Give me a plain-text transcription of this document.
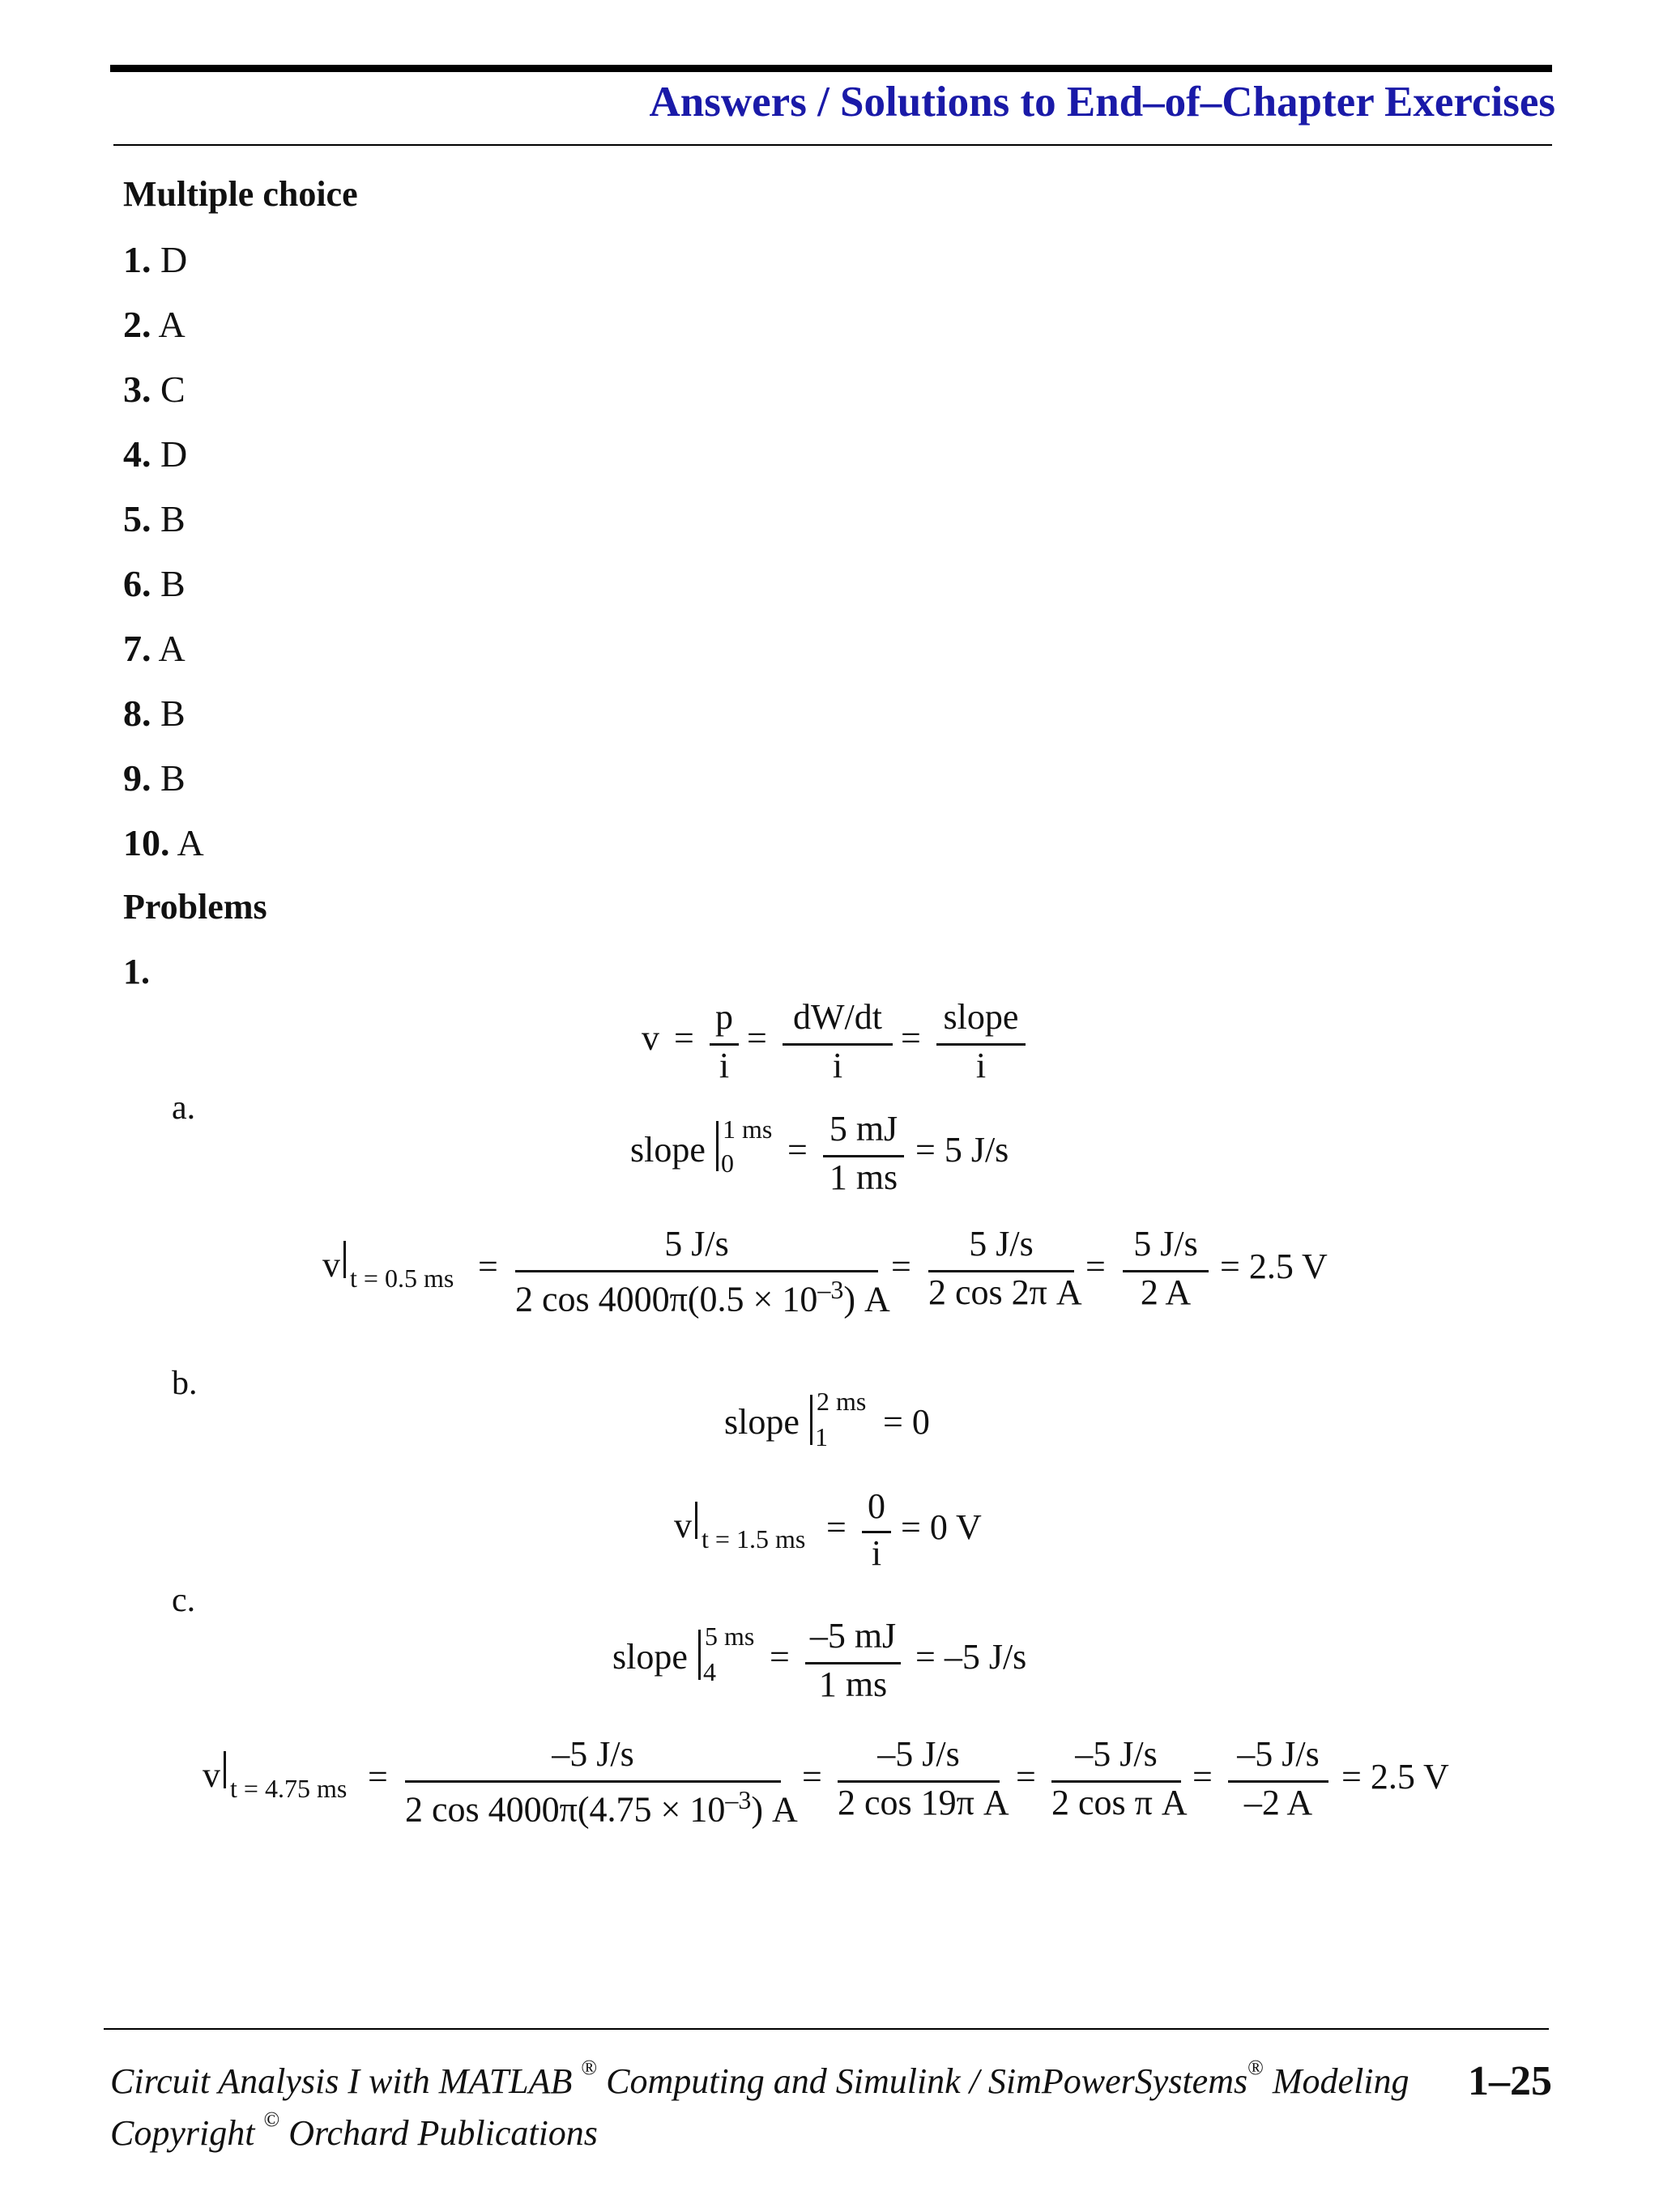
Answers / Solutions to End–of–Chapter Exercises
Multiple choice
1. D
2. A
3. C
4. D
5. B
6. B
7. A
8. B
9. B
10. A
Problems
1.
v =
p
i
=
dW/dt
i
=
slope
i
a.
slope
1 ms
0 =
5 mJ
1 ms
= 5 J/s
v t = 0.5 ms =
5 J/s
2 $\cos 4000\pi(0.5 \times 10^{-3})$ A
=
5 J/s
2 cos 2π A
=
5 J/s
2 A
= 2.5 V
b.
slope
2 ms
1 = 0
v t = 1.5 ms =
0
i
= 0 V
c.
slope
5 ms
4 =
–5 mJ
1 ms
= –5 J/s
v t = 4.75 ms =
–5 J/s
2 $\cos 4000\pi(4.75 \times 10^{-3})$ A
=
–5 J/s
2 cos 19π A
=
–5 J/s
2 cos π A
=
–5 J/s
–2 A
= 2.5 V
Circuit Analysis I with MATLAB ® Computing and Simulink / SimPowerSystems® Modeling
Copyright © Orchard Publications
1–25
